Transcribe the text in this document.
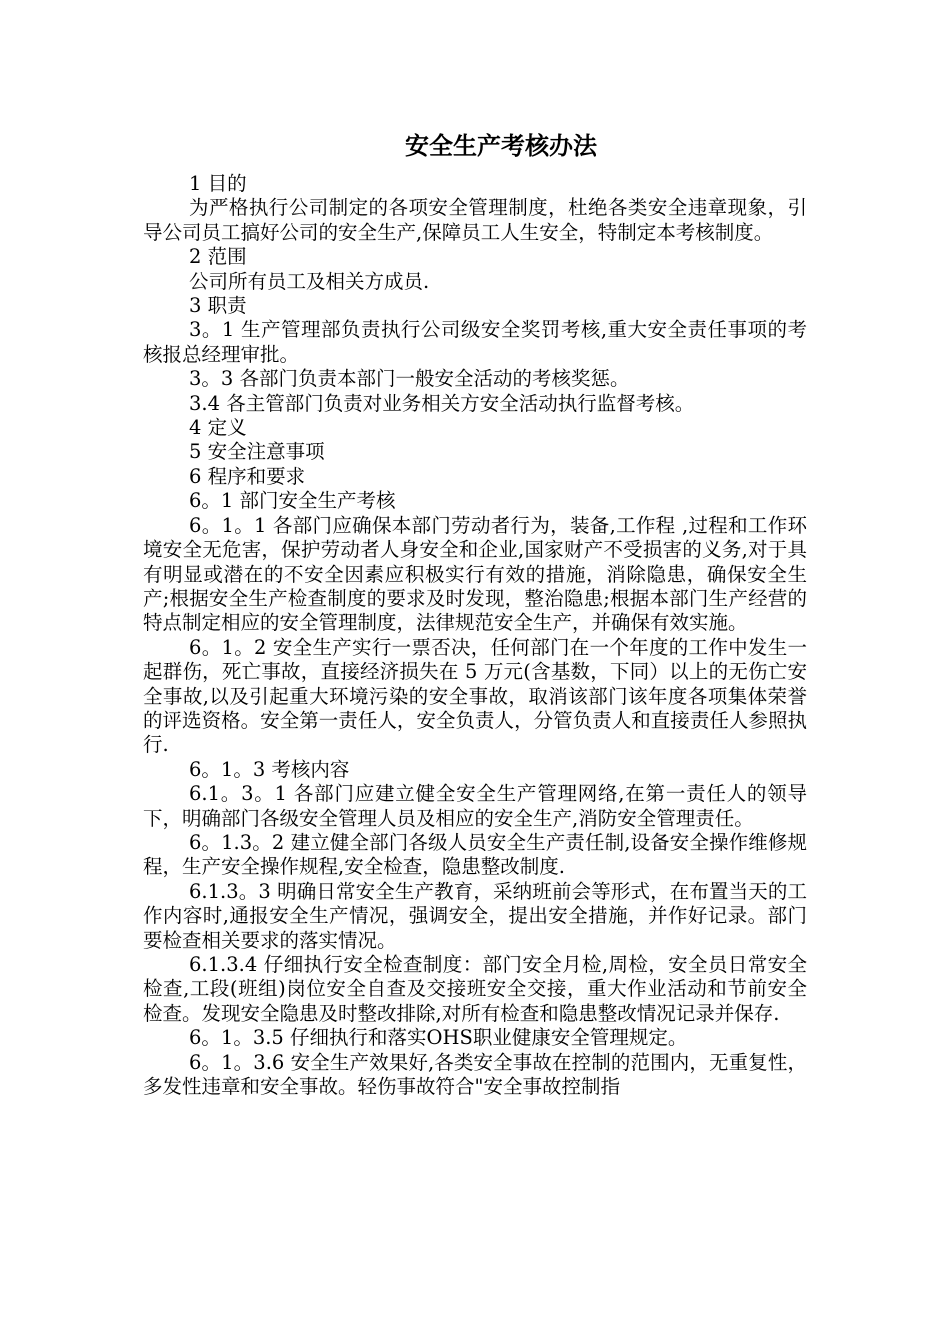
安全生产考核办法

1 目的

为严格执行公司制定的各项安全管理制度，杜绝各类安全违章现象，引导公司员工搞好公司的安全生产,保障员工人生安全，特制定本考核制度。

2 范围

公司所有员工及相关方成员.

3 职责

3。1 生产管理部负责执行公司级安全奖罚考核,重大安全责任事项的考核报总经理审批。

3。3 各部门负责本部门一般安全活动的考核奖惩。

3.4 各主管部门负责对业务相关方安全活动执行监督考核。

4 定义

5 安全注意事项

6 程序和要求

6。1 部门安全生产考核

6。1。1 各部门应确保本部门劳动者行为，装备,工作程 ,过程和工作环境安全无危害，保护劳动者人身安全和企业,国家财产不受损害的义务,对于具有明显或潜在的不安全因素应积极实行有效的措施，消除隐患，确保安全生产;根据安全生产检查制度的要求及时发现，整治隐患;根据本部门生产经营的特点制定相应的安全管理制度，法律规范安全生产，并确保有效实施。

6。1。2 安全生产实行一票否决，任何部门在一个年度的工作中发生一起群伤，死亡事故，直接经济损失在 5 万元(含基数，下同）以上的无伤亡安全事故,以及引起重大环境污染的安全事故，取消该部门该年度各项集体荣誉的评选资格。安全第一责任人，安全负责人，分管负责人和直接责任人参照执行.

6。1。3 考核内容

6.1。3。1 各部门应建立健全安全生产管理网络,在第一责任人的领导下，明确部门各级安全管理人员及相应的安全生产,消防安全管理责任。

6。1.3。2 建立健全部门各级人员安全生产责任制,设备安全操作维修规程，生产安全操作规程,安全检查，隐患整改制度.

6.1.3。3 明确日常安全生产教育，采纳班前会等形式，在布置当天的工作内容时,通报安全生产情况，强调安全，提出安全措施，并作好记录。部门要检查相关要求的落实情况。

6.1.3.4 仔细执行安全检查制度：部门安全月检,周检，安全员日常安全检查,工段(班组)岗位安全自查及交接班安全交接，重大作业活动和节前安全检查。发现安全隐患及时整改排除,对所有检查和隐患整改情况记录并保存.

6。1。3.5 仔细执行和落实OHS职业健康安全管理规定。

6。1。3.6 安全生产效果好,各类安全事故在控制的范围内，无重复性，多发性违章和安全事故。轻伤事故符合"安全事故控制指
